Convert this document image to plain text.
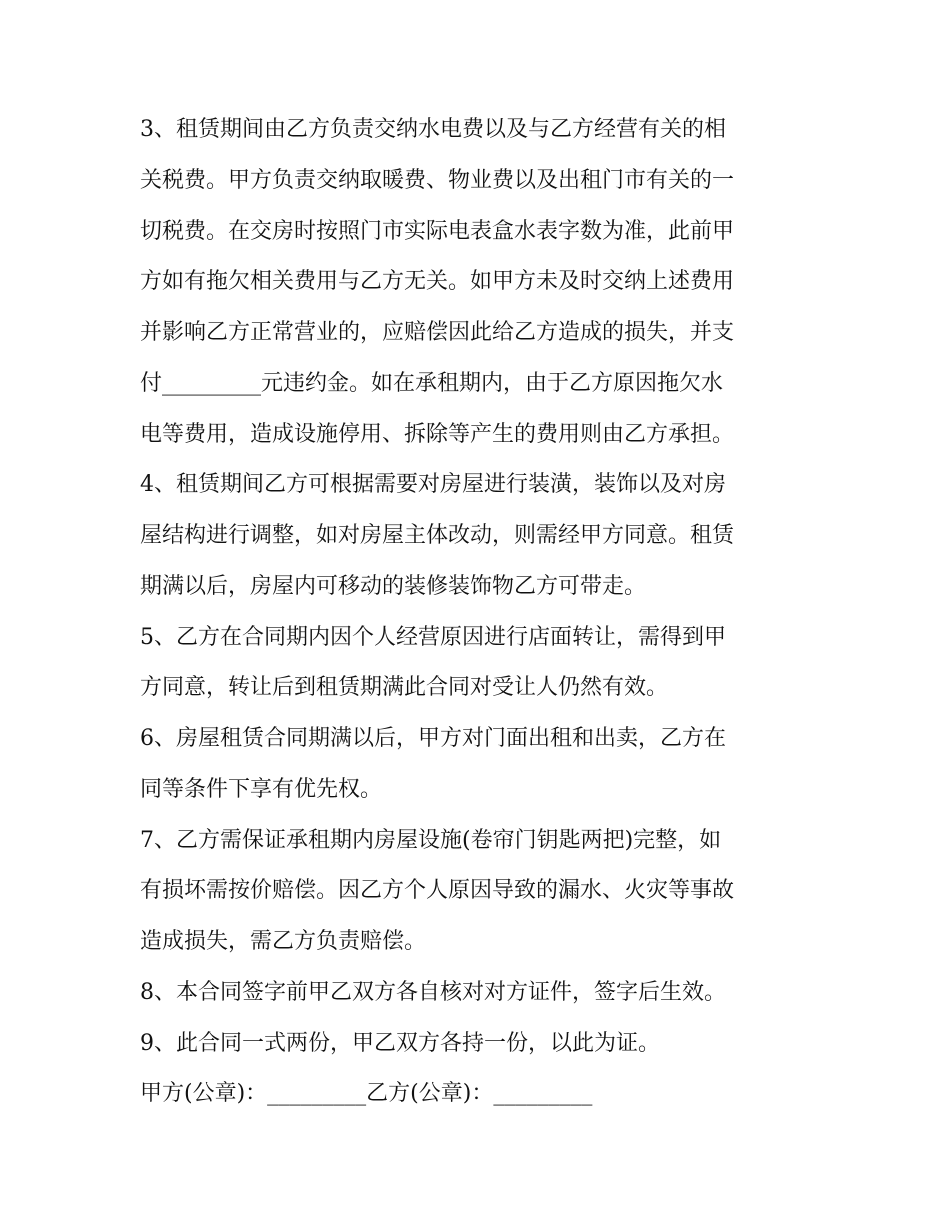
3、租赁期间由乙方负责交纳水电费以及与乙方经营有关的相
关税费。甲方负责交纳取暖费、物业费以及出租门市有关的一
切税费。在交房时按照门市实际电表盒水表字数为准，此前甲
方如有拖欠相关费用与乙方无关。如甲方未及时交纳上述费用
并影响乙方正常营业的，应赔偿因此给乙方造成的损失，并支
付_________元违约金。如在承租期内，由于乙方原因拖欠水
电等费用，造成设施停用、拆除等产生的费用则由乙方承担。
4、租赁期间乙方可根据需要对房屋进行装潢，装饰以及对房
屋结构进行调整，如对房屋主体改动，则需经甲方同意。租赁
期满以后，房屋内可移动的装修装饰物乙方可带走。
5、乙方在合同期内因个人经营原因进行店面转让，需得到甲
方同意，转让后到租赁期满此合同对受让人仍然有效。
6、房屋租赁合同期满以后，甲方对门面出租和出卖，乙方在
同等条件下享有优先权。
7、乙方需保证承租期内房屋设施(卷帘门钥匙两把)完整，如
有损坏需按价赔偿。因乙方个人原因导致的漏水、火灾等事故
造成损失，需乙方负责赔偿。
8、本合同签字前甲乙双方各自核对对方证件，签字后生效。
9、此合同一式两份，甲乙双方各持一份，以此为证。
甲方(公章)：_________乙方(公章)：_________
